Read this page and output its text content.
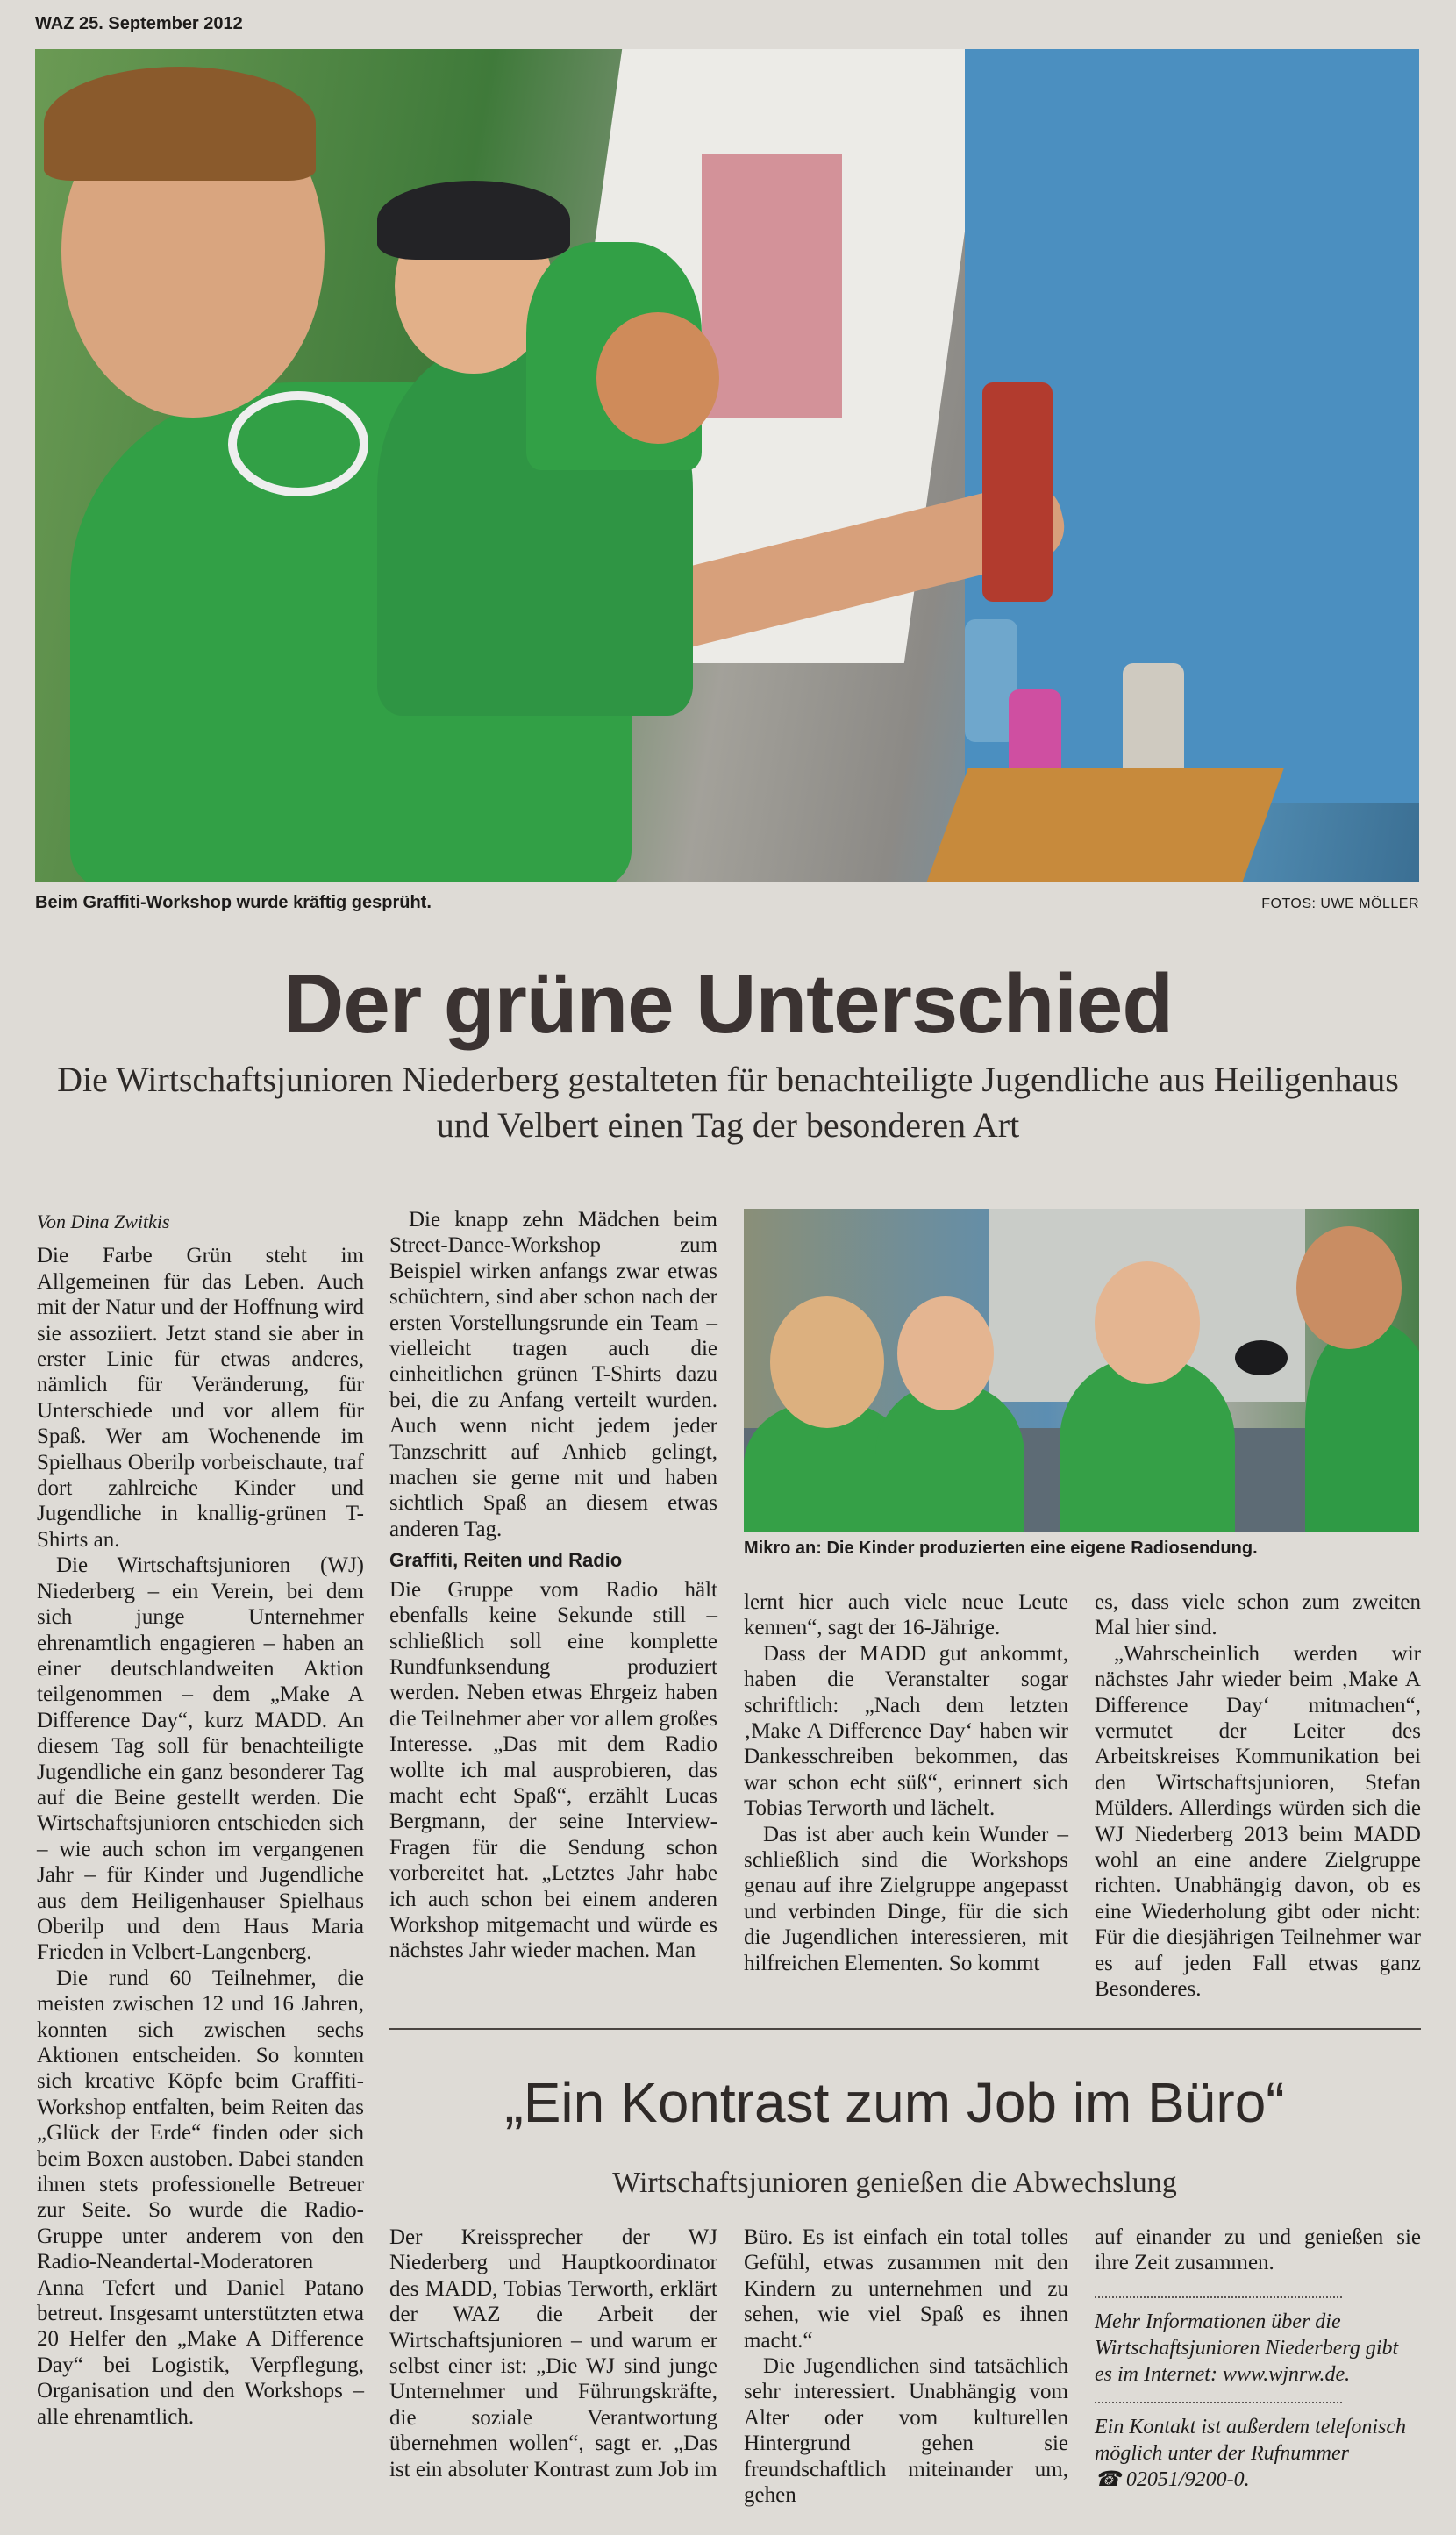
WAZ 25. September 2012
Beim Graffiti-Workshop wurde kräftig gesprüht.	FOTOS: UWE MÖLLER
Der grüne Unterschied
Die Wirtschaftsjunioren Niederberg gestalteten für benachteiligte Jugendliche aus Heiligenhaus und Velbert einen Tag der besonderen Art
Von Dina Zwitkis

Die Farbe Grün steht im Allgemeinen für das Leben. Auch mit der Natur und der Hoffnung wird sie assoziiert. Jetzt stand sie aber in erster Linie für etwas anderes, nämlich für Veränderung, für Unterschiede und vor allem für Spaß. Wer am Wochenende im Spielhaus Oberilp vorbeischaute, traf dort zahlreiche Kinder und Jugendliche in knallig-grünen T-Shirts an.

Die Wirtschaftsjunioren (WJ) Niederberg – ein Verein, bei dem sich junge Unternehmer ehrenamtlich engagieren – haben an einer deutschlandweiten Aktion teilgenommen – dem „Make A Difference Day“, kurz MADD. An diesem Tag soll für benachteiligte Jugendliche ein ganz besonderer Tag auf die Beine gestellt werden. Die Wirtschaftsjunioren entschieden sich – wie auch schon im vergangenen Jahr – für Kinder und Jugendliche aus dem Heiligenhauser Spielhaus Oberilp und dem Haus Maria Frieden in Velbert-Langenberg.

Die rund 60 Teilnehmer, die meisten zwischen 12 und 16 Jahren, konnten sich zwischen sechs Aktionen entscheiden. So konnten sich kreative Köpfe beim Graffiti-Workshop entfalten, beim Reiten das „Glück der Erde“ finden oder sich beim Boxen austoben. Dabei standen ihnen stets professionelle Betreuer zur Seite. So wurde die Radio-Gruppe unter anderem von den Radio-Neandertal-Moderatoren Anna Tefert und Daniel Patano betreut. Insgesamt unterstützten etwa 20 Helfer den „Make A Difference Day“ bei Logistik, Verpflegung, Organisation und den Workshops – alle ehrenamtlich.

Die knapp zehn Mädchen beim Street-Dance-Workshop zum Beispiel wirken anfangs zwar etwas schüchtern, sind aber schon nach der ersten Vorstellungsrunde ein Team – vielleicht tragen auch die einheitlichen grünen T-Shirts dazu bei, die zu Anfang verteilt wurden. Auch wenn nicht jedem jeder Tanzschritt auf Anhieb gelingt, machen sie gerne mit und haben sichtlich Spaß an diesem etwas anderen Tag.

Graffiti, Reiten und Radio

Die Gruppe vom Radio hält ebenfalls keine Sekunde still – schließlich soll eine komplette Rundfunksendung produziert werden. Neben etwas Ehrgeiz haben die Teilnehmer aber vor allem großes Interesse. „Das mit dem Radio wollte ich mal ausprobieren, das macht echt Spaß“, erzählt Lucas Bergmann, der seine Interview-Fragen für die Sendung schon vorbereitet hat. „Letztes Jahr habe ich auch schon bei einem anderen Workshop mitgemacht und würde es nächstes Jahr wieder machen. Man

Mikro an: Die Kinder produzierten eine eigene Radiosendung.

lernt hier auch viele neue Leute kennen“, sagt der 16-Jährige.

Dass der MADD gut ankommt, haben die Veranstalter sogar schriftlich: „Nach dem letzten ‚Make A Difference Day‘ haben wir Dankesschreiben bekommen, das war schon echt süß“, erinnert sich Tobias Terworth und lächelt.

Das ist aber auch kein Wunder – schließlich sind die Workshops genau auf ihre Zielgruppe angepasst und verbinden Dinge, für die sich die Jugendlichen interessieren, mit hilfreichen Elementen. So kommt

es, dass viele schon zum zweiten Mal hier sind.

„Wahrscheinlich werden wir nächstes Jahr wieder beim ‚Make A Difference Day‘ mitmachen“, vermutet der Leiter des Arbeitskreises Kommunikation bei den Wirtschaftsjunioren, Stefan Mülders. Allerdings würden sich die WJ Niederberg 2013 beim MADD wohl an eine andere Zielgruppe richten. Unabhängig davon, ob es eine Wiederholung gibt oder nicht: Für die diesjährigen Teilnehmer war es auf jeden Fall etwas ganz Besonderes.

„Ein Kontrast zum Job im Büro“
Wirtschaftsjunioren genießen die Abwechslung

Der Kreissprecher der WJ Niederberg und Hauptkoordinator des MADD, Tobias Terworth, erklärt der WAZ die Arbeit der Wirtschaftsjunioren – und warum er selbst einer ist: „Die WJ sind junge Unternehmer und Führungskräfte, die soziale Verantwortung übernehmen wollen“, sagt er. „Das ist ein absoluter Kontrast zum Job im

Büro. Es ist einfach ein total tolles Gefühl, etwas zusammen mit den Kindern zu unternehmen und zu sehen, wie viel Spaß es ihnen macht.“

Die Jugendlichen sind tatsächlich sehr interessiert. Unabhängig vom Alter oder vom kulturellen Hintergrund gehen sie freundschaftlich miteinander um, gehen

auf einander zu und genießen sie ihre Zeit zusammen.

Mehr Informationen über die Wirtschaftsjunioren Niederberg gibt es im Internet: www.wjnrw.de.
Ein Kontakt ist außerdem telefonisch möglich unter der Rufnummer
☎ 02051/9200-0.
